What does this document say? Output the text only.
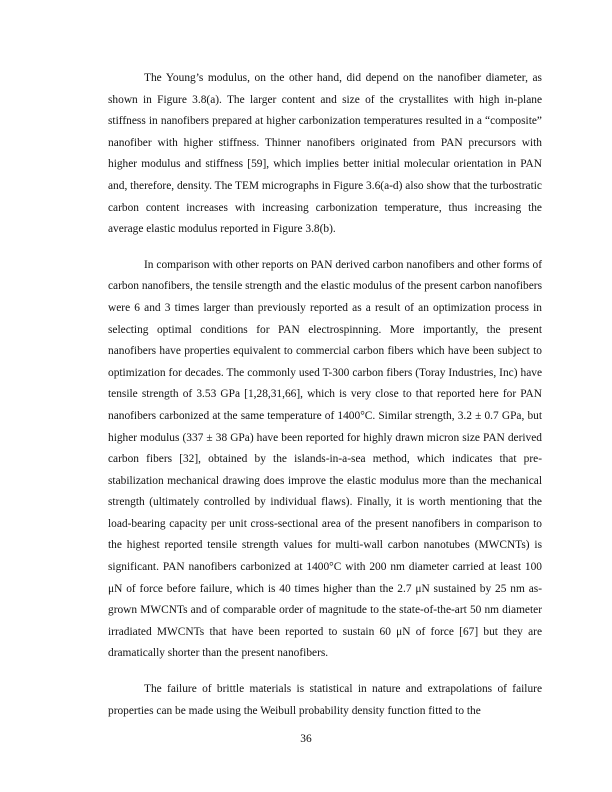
The Young’s modulus, on the other hand, did depend on the nanofiber diameter, as shown in Figure 3.8(a). The larger content and size of the crystallites with high in-plane stiffness in nanofibers prepared at higher carbonization temperatures resulted in a “composite” nanofiber with higher stiffness. Thinner nanofibers originated from PAN precursors with higher modulus and stiffness [59], which implies better initial molecular orientation in PAN and, therefore, density. The TEM micrographs in Figure 3.6(a-d) also show that the turbostratic carbon content increases with increasing carbonization temperature, thus increasing the average elastic modulus reported in Figure 3.8(b).

In comparison with other reports on PAN derived carbon nanofibers and other forms of carbon nanofibers, the tensile strength and the elastic modulus of the present carbon nanofibers were 6 and 3 times larger than previously reported as a result of an optimization process in selecting optimal conditions for PAN electrospinning. More importantly, the present nanofibers have properties equivalent to commercial carbon fibers which have been subject to optimization for decades. The commonly used T-300 carbon fibers (Toray Industries, Inc) have tensile strength of 3.53 GPa [1,28,31,66], which is very close to that reported here for PAN nanofibers carbonized at the same temperature of 1400°C. Similar strength, 3.2 ± 0.7 GPa, but higher modulus (337 ± 38 GPa) have been reported for highly drawn micron size PAN derived carbon fibers [32], obtained by the islands-in-a-sea method, which indicates that pre-stabilization mechanical drawing does improve the elastic modulus more than the mechanical strength (ultimately controlled by individual flaws). Finally, it is worth mentioning that the load-bearing capacity per unit cross-sectional area of the present nanofibers in comparison to the highest reported tensile strength values for multi-wall carbon nanotubes (MWCNTs) is significant. PAN nanofibers carbonized at 1400°C with 200 nm diameter carried at least 100 μN of force before failure, which is 40 times higher than the 2.7 μN sustained by 25 nm as-grown MWCNTs and of comparable order of magnitude to the state-of-the-art 50 nm diameter irradiated MWCNTs that have been reported to sustain 60 μN of force [67] but they are dramatically shorter than the present nanofibers.

The failure of brittle materials is statistical in nature and extrapolations of failure properties can be made using the Weibull probability density function fitted to the

36
